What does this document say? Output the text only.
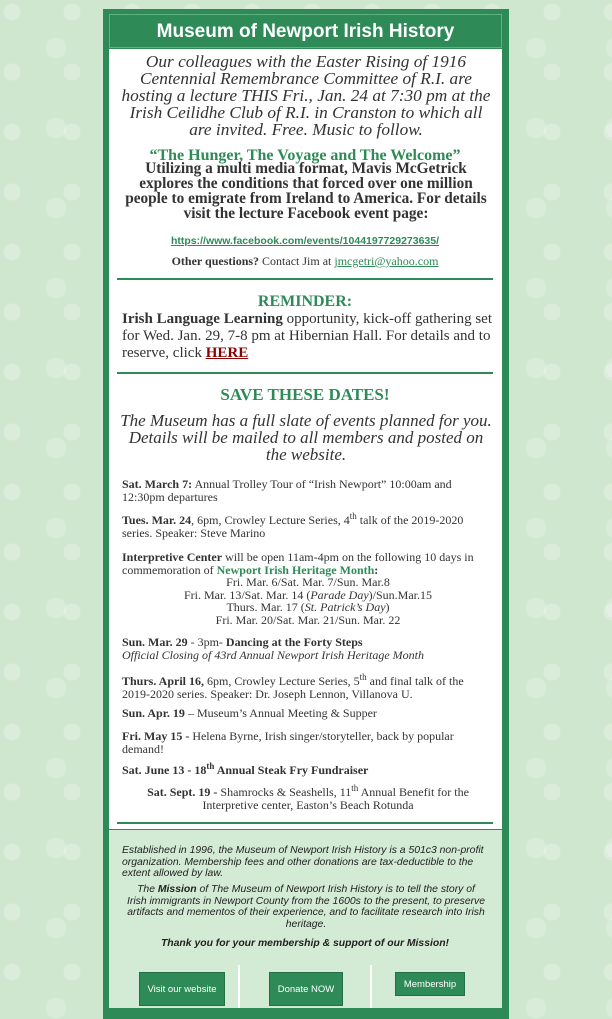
Museum of Newport Irish History
Our colleagues with the Easter Rising of 1916 Centennial Remembrance Committee of R.I. are hosting a lecture THIS Fri., Jan. 24 at 7:30 pm at the Irish Ceilidhe Club of R.I. in Cranston to which all are invited. Free. Music to follow.
“The Hunger, The Voyage and The Welcome”
Utilizing a multi media format, Mavis McGetrick explores the conditions that forced over one million people to emigrate from Ireland to America. For details visit the lecture Facebook event page:
https://www.facebook.com/events/1044197729273635/
Other questions? Contact Jim at jmcgetri@yahoo.com
REMINDER:
Irish Language Learning opportunity, kick-off gathering set for Wed. Jan. 29, 7-8 pm at Hibernian Hall. For details and to reserve, click HERE
SAVE THESE DATES!
The Museum has a full slate of events planned for you. Details will be mailed to all members and posted on the website.
Sat. March 7: Annual Trolley Tour of “Irish Newport” 10:00am and 12:30pm departures
Tues. Mar. 24, 6pm, Crowley Lecture Series, 4th talk of the 2019-2020 series. Speaker: Steve Marino
Interpretive Center will be open 11am-4pm on the following 10 days in commemoration of Newport Irish Heritage Month:
Fri. Mar. 6/Sat. Mar. 7/Sun. Mar.8
Fri. Mar. 13/Sat. Mar. 14 (Parade Day)/Sun.Mar.15
Thurs. Mar. 17 (St. Patrick’s Day)
Fri. Mar. 20/Sat. Mar. 21/Sun. Mar. 22
Sun. Mar. 29 - 3pm- Dancing at the Forty Steps
Official Closing of 43rd Annual Newport Irish Heritage Month
Thurs. April 16, 6pm, Crowley Lecture Series, 5th and final talk of the 2019-2020 series. Speaker: Dr. Joseph Lennon, Villanova U.
Sun. Apr. 19 – Museum’s Annual Meeting & Supper
Fri. May 15 - Helena Byrne, Irish singer/storyteller, back by popular demand!
Sat. June 13 - 18th Annual Steak Fry Fundraiser
Sat. Sept. 19 - Shamrocks & Seashells, 11th Annual Benefit for the Interpretive center, Easton’s Beach Rotunda
Established in 1996, the Museum of Newport Irish History is a 501c3 non-profit organization. Membership fees and other donations are tax-deductible to the extent allowed by law.
The Mission of The Museum of Newport Irish History is to tell the story of Irish immigrants in Newport County from the 1600s to the present, to preserve artifacts and mementos of their experience, and to facilitate research into Irish heritage.
Thank you for your membership & support of our Mission!
Visit our website	Donate NOW	Membership
